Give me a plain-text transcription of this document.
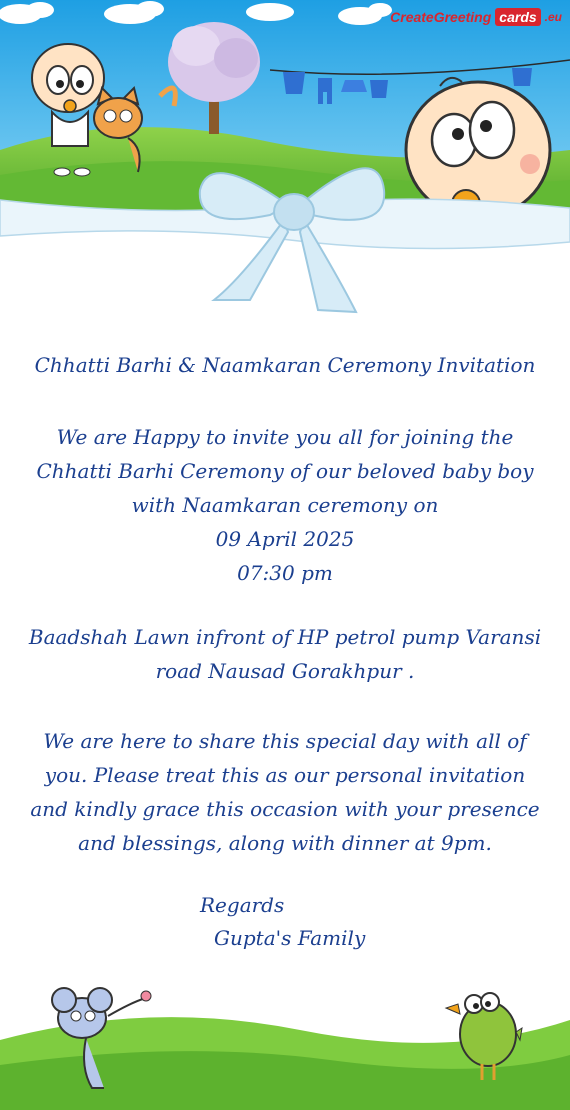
CreateGreeting cards .eu
Chhatti Barhi & Naamkaran Ceremony Invitation
We are Happy to invite you all for joining the
Chhatti Barhi Ceremony of our beloved baby boy
with Naamkaran ceremony on
09 April 2025
07:30 pm
Baadshah Lawn infront of HP petrol pump Varansi
road Nausad Gorakhpur .
We are here to share this special day with all of
you. Please treat this as our personal invitation
and kindly grace this occasion with your presence
and blessings, along with dinner at 9pm.
Regards
Gupta's Family
